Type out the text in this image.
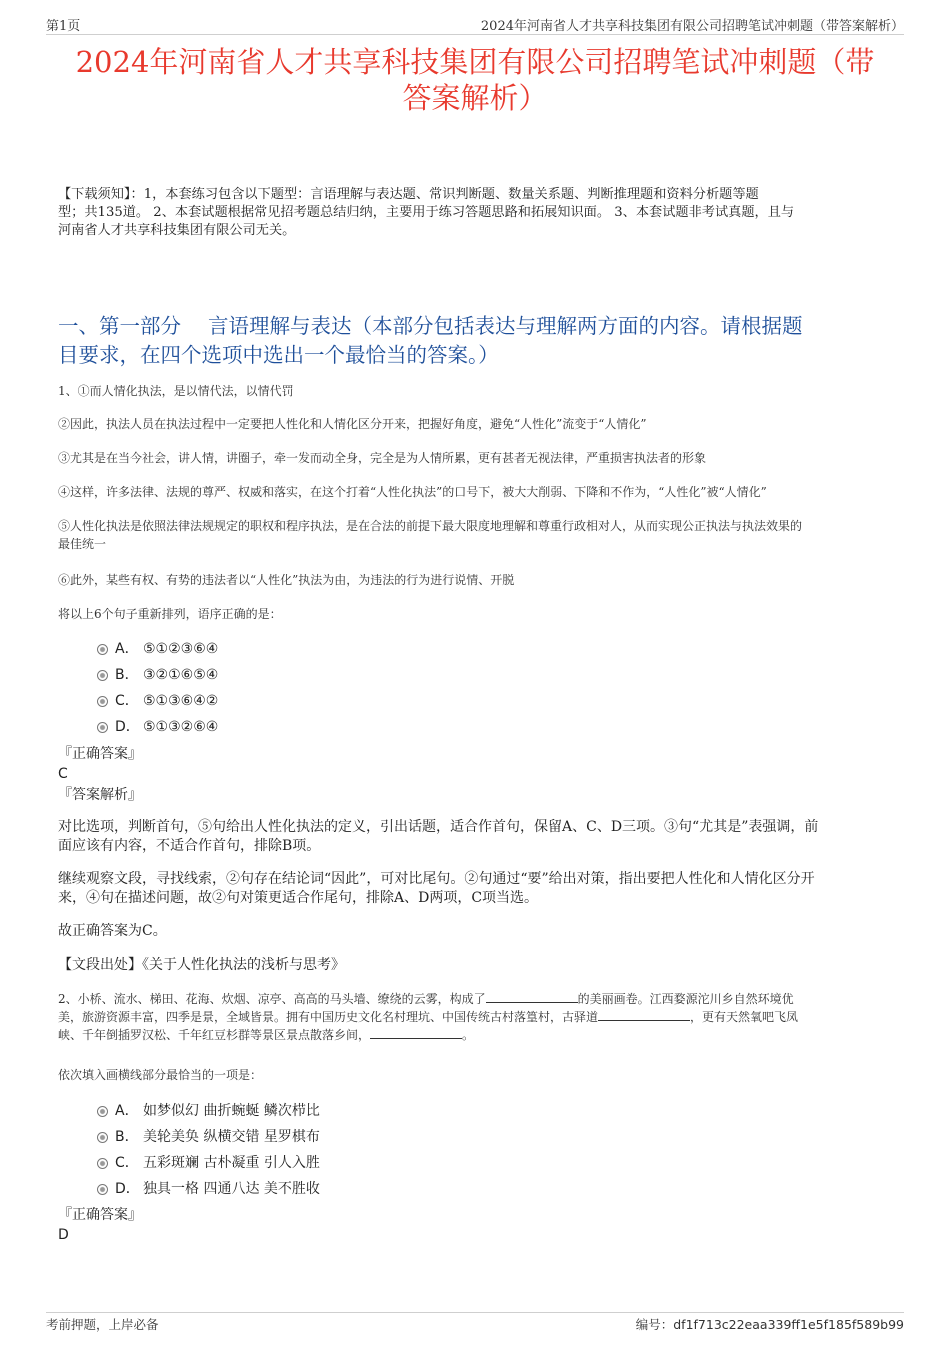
第1页	2024年河南省人才共享科技集团有限公司招聘笔试冲刺题（带答案解析）
2024年河南省人才共享科技集团有限公司招聘笔试冲刺题（带
答案解析）
【下载须知】：1，本套练习包含以下题型：言语理解与表达题、常识判断题、数量关系题、判断推理题和资料分析题等题
型；共135道。 2、本套试题根据常见招考题总结归纳，主要用于练习答题思路和拓展知识面。 3、本套试题非考试真题，且与
河南省人才共享科技集团有限公司无关。
一、第一部分　 言语理解与表达（本部分包括表达与理解两方面的内容。请根据题
目要求，在四个选项中选出一个最恰当的答案。）
1、①而人情化执法，是以情代法，以情代罚
②因此，执法人员在执法过程中一定要把人性化和人情化区分开来，把握好角度，避免“人性化”流变于“人情化”
③尤其是在当今社会，讲人情，讲圈子，牵一发而动全身，完全是为人情所累，更有甚者无视法律，严重损害执法者的形象
④这样，许多法律、法规的尊严、权威和落实，在这个打着“人性化执法”的口号下，被大大削弱、下降和不作为，“人性化”被“人情化”
⑤人性化执法是依照法律法规规定的职权和程序执法，是在合法的前提下最大限度地理解和尊重行政相对人，从而实现公正执法与执法效果的
最佳统一
⑥此外，某些有权、有势的违法者以“人性化”执法为由，为违法的行为进行说情、开脱
将以上6个句子重新排列，语序正确的是：
A． ⑤①②③⑥④
B． ③②①⑥⑤④
C． ⑤①③⑥④②
D． ⑤①③②⑥④
『正确答案』
C
『答案解析』
对比选项，判断首句，⑤句给出人性化执法的定义，引出话题，适合作首句，保留A、C、D三项。③句“尤其是”表强调，前
面应该有内容，不适合作首句，排除B项。
继续观察文段，寻找线索，②句存在结论词“因此”，可对比尾句。②句通过“要”给出对策，指出要把人性化和人情化区分开
来，④句在描述问题，故②句对策更适合作尾句，排除A、D两项，C项当选。
故正确答案为C。
【文段出处】《关于人性化执法的浅析与思考》
2、小桥、流水、梯田、花海、炊烟、凉亭、高高的马头墙、缭绕的云雾，构成了	的美丽画卷。江西婺源沱川乡自然环境优
美，旅游资源丰富，四季是景，全域皆景。拥有中国历史文化名村理坑、中国传统古村落篁村，古驿道	，更有天然氧吧飞凤
峡、千年倒插罗汉松、千年红豆杉群等景区景点散落乡间，	。
依次填入画横线部分最恰当的一项是：
A． 如梦似幻 曲折蜿蜒 鳞次栉比
B． 美轮美奂 纵横交错 星罗棋布
C． 五彩斑斓 古朴凝重 引人入胜
D． 独具一格 四通八达 美不胜收
『正确答案』
D
考前押题，上岸必备	编号：df1f713c22eaa339ff1e5f185f589b99
